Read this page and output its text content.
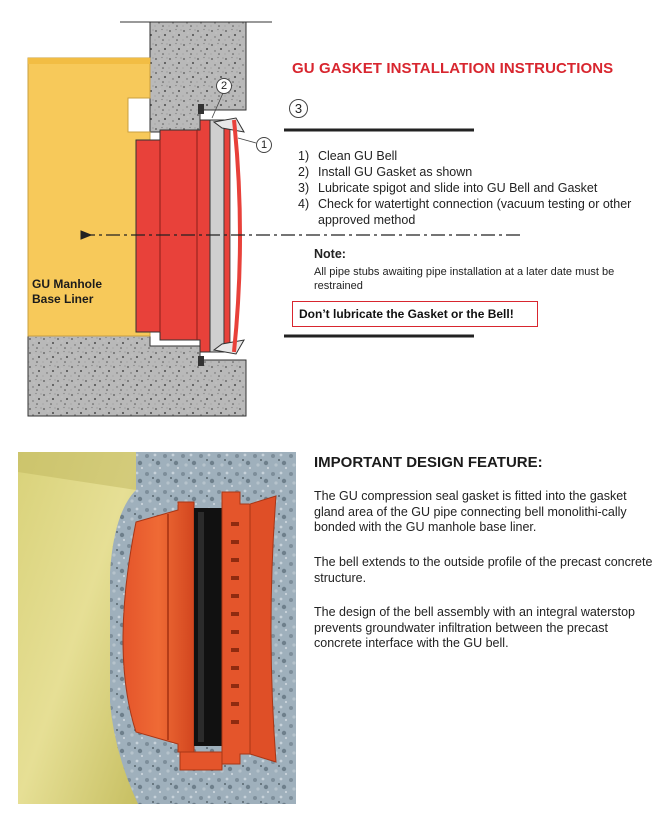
GU GASKET INSTALLATION INSTRUCTIONS
1
2
3
1) Clean GU Bell
2) Install GU Gasket as shown
3) Lubricate spigot and slide into GU Bell and Gasket
4) Check for watertight connection (vacuum testing or other approved method
Note:
All pipe stubs awaiting pipe installation at a later date must be restrained
Don’t lubricate the Gasket or the Bell!
GU Manhole
Base Liner
IMPORTANT DESIGN FEATURE:
The GU compression seal gasket is fitted into the gasket gland area of the GU pipe connecting bell monolithi-cally bonded with the GU manhole base liner.
The bell extends to the outside profile of the precast concrete structure.
The design of the bell assembly with an integral waterstop prevents groundwater infiltration between the precast concrete interface with the GU bell.
